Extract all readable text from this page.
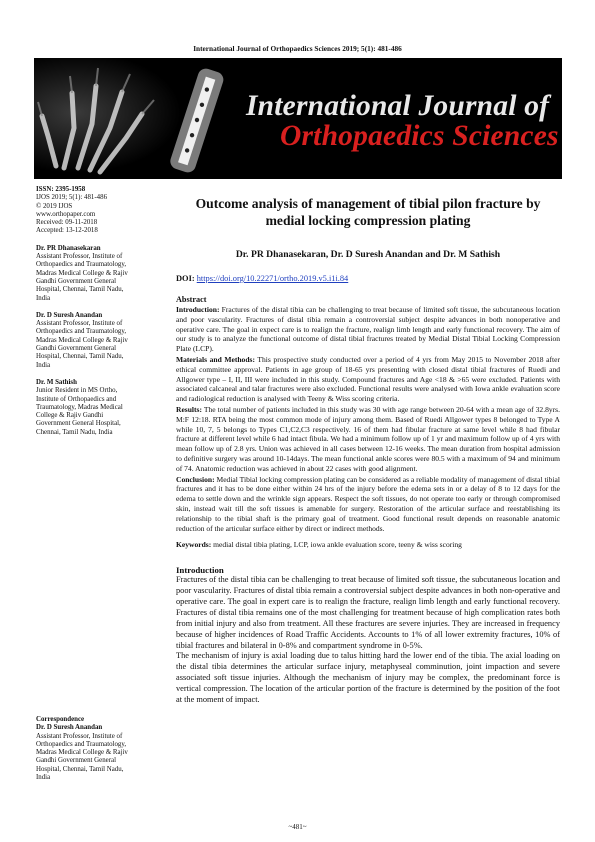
International Journal of Orthopaedics Sciences 2019; 5(1): 481-486
International Journal of
Orthopaedics Sciences
ISSN: 2395-1958
IJOS 2019; 5(1): 481-486
© 2019 IJOS
www.orthopaper.com
Received: 09-11-2018
Accepted: 13-12-2018
Dr. PR Dhanasekaran
Assistant Professor, Institute of
Orthopaedics and Traumatology,
Madras Medical College & Rajiv
Gandhi Government General
Hospital, Chennai, Tamil Nadu,
India
Dr. D Suresh Anandan
Assistant Professor, Institute of
Orthopaedics and Traumatology,
Madras Medical College & Rajiv
Gandhi Government General
Hospital, Chennai, Tamil Nadu,
India
Dr. M Sathish
Junior Resident in MS Ortho,
Institute of Orthopaedics and
Traumatology, Madras Medical
College & Rajiv Gandhi
Government General Hospital,
Chennai, Tamil Nadu, India
Correspondence
Dr. D Suresh Anandan
Assistant Professor, Institute of
Orthopaedics and Traumatology,
Madras Medical College & Rajiv
Gandhi Government General
Hospital, Chennai, Tamil Nadu,
India
Outcome analysis of management of tibial pilon fracture by medial locking compression plating
Dr. PR Dhanasekaran, Dr. D Suresh Anandan and Dr. M Sathish
DOI: https://doi.org/10.22271/ortho.2019.v5.i1i.84
Abstract
Introduction: Fractures of the distal tibia can be challenging to treat because of limited soft tissue, the subcutaneous location and poor vascularity. Fractures of distal tibia remain a controversial subject despite advances in both nonoperative and operative care. The goal in expect care is to realign the fracture, realign limb length and early functional recovery. The aim of our study is to analyze the functional outcome of distal tibial fractures treated by Medial Distal Tibial Locking Compression Plate (LCP).
Materials and Methods: This prospective study conducted over a period of 4 yrs from May 2015 to November 2018 after ethical committee approval. Patients in age group of 18-65 yrs presenting with closed distal tibial fractures of Ruedi and Allgower type – I, II, III were included in this study. Compound fractures and Age <18 & >65 were excluded. Patients with associated calcaneal and talar fractures were also excluded. Functional results were analysed with Iowa ankle evaluation score and radiological reduction is analysed with Teeny & Wiss scoring criteria.
Results: The total number of patients included in this study was 30 with age range between 20-64 with a mean age of 32.8yrs. M:F 12:18. RTA being the most common mode of injury among them. Based of Ruedi Allgower types 8 belonged to Type A while 10, 7, 5 belongs to Types C1,C2,C3 respectively. 16 of them had fibular fracture at same level while 8 had fibular fracture at different level while 6 had intact fibula. We had a minimum follow up of 1 yr and maximum follow up of 4 yrs with mean follow up of 2.8 yrs. Union was achieved in all cases between 12-16 weeks. The mean duration from hospital admission to definitive surgery was around 10-14days. The mean functional ankle scores were 80.5 with a maximum of 94 and minimum of 74. Anatomic reduction was achieved in about 22 cases with good alignment.
Conclusion: Medial Tibial locking compression plating can be considered as a reliable modality of management of distal tibial fractures and it has to be done either within 24 hrs of the injury before the edema sets in or a delay of 8 to 12 days for the edema to settle down and the wrinkle sign appears. Respect the soft tissues, do not operate too early or through compromised skin, instead wait till the soft tissues is amenable for surgery. Restoration of the articular surface and reestablishing its relationship to the tibial shaft is the primary goal of treatment. Good functional result depends on reasonable anatomic reduction of the articular surface either by direct or indirect methods.
Keywords: medial distal tibia plating, LCP, iowa ankle evaluation score, teeny & wiss scoring
Introduction
Fractures of the distal tibia can be challenging to treat because of limited soft tissue, the subcutaneous location and poor vascularity. Fractures of distal tibia remain a controversial subject despite advances in both non-operative and operative care. The goal in expert care is to realign the fracture, realign limb length and early functional recovery. Fractures of distal tibia remains one of the most challenging for treatment because of high complication rates both from initial injury and also from treatment. All these fractures are severe injuries. They are increased in frequency because of higher incidences of Road Traffic Accidents. Accounts to 1% of all lower extremity fractures, 10% of tibial fractures and bilateral in 0-8% and compartment syndrome in 0-5%.
The mechanism of injury is axial loading due to talus hitting hard the lower end of the tibia. The axial loading on the distal tibia determines the articular surface injury, metaphyseal comminution, joint impaction and severe associated soft tissue injuries. Although the mechanism of injury may be complex, the predominant force is vertical compression. The location of the articular portion of the fracture is determined by the position of the foot at the moment of impact.
~481~
